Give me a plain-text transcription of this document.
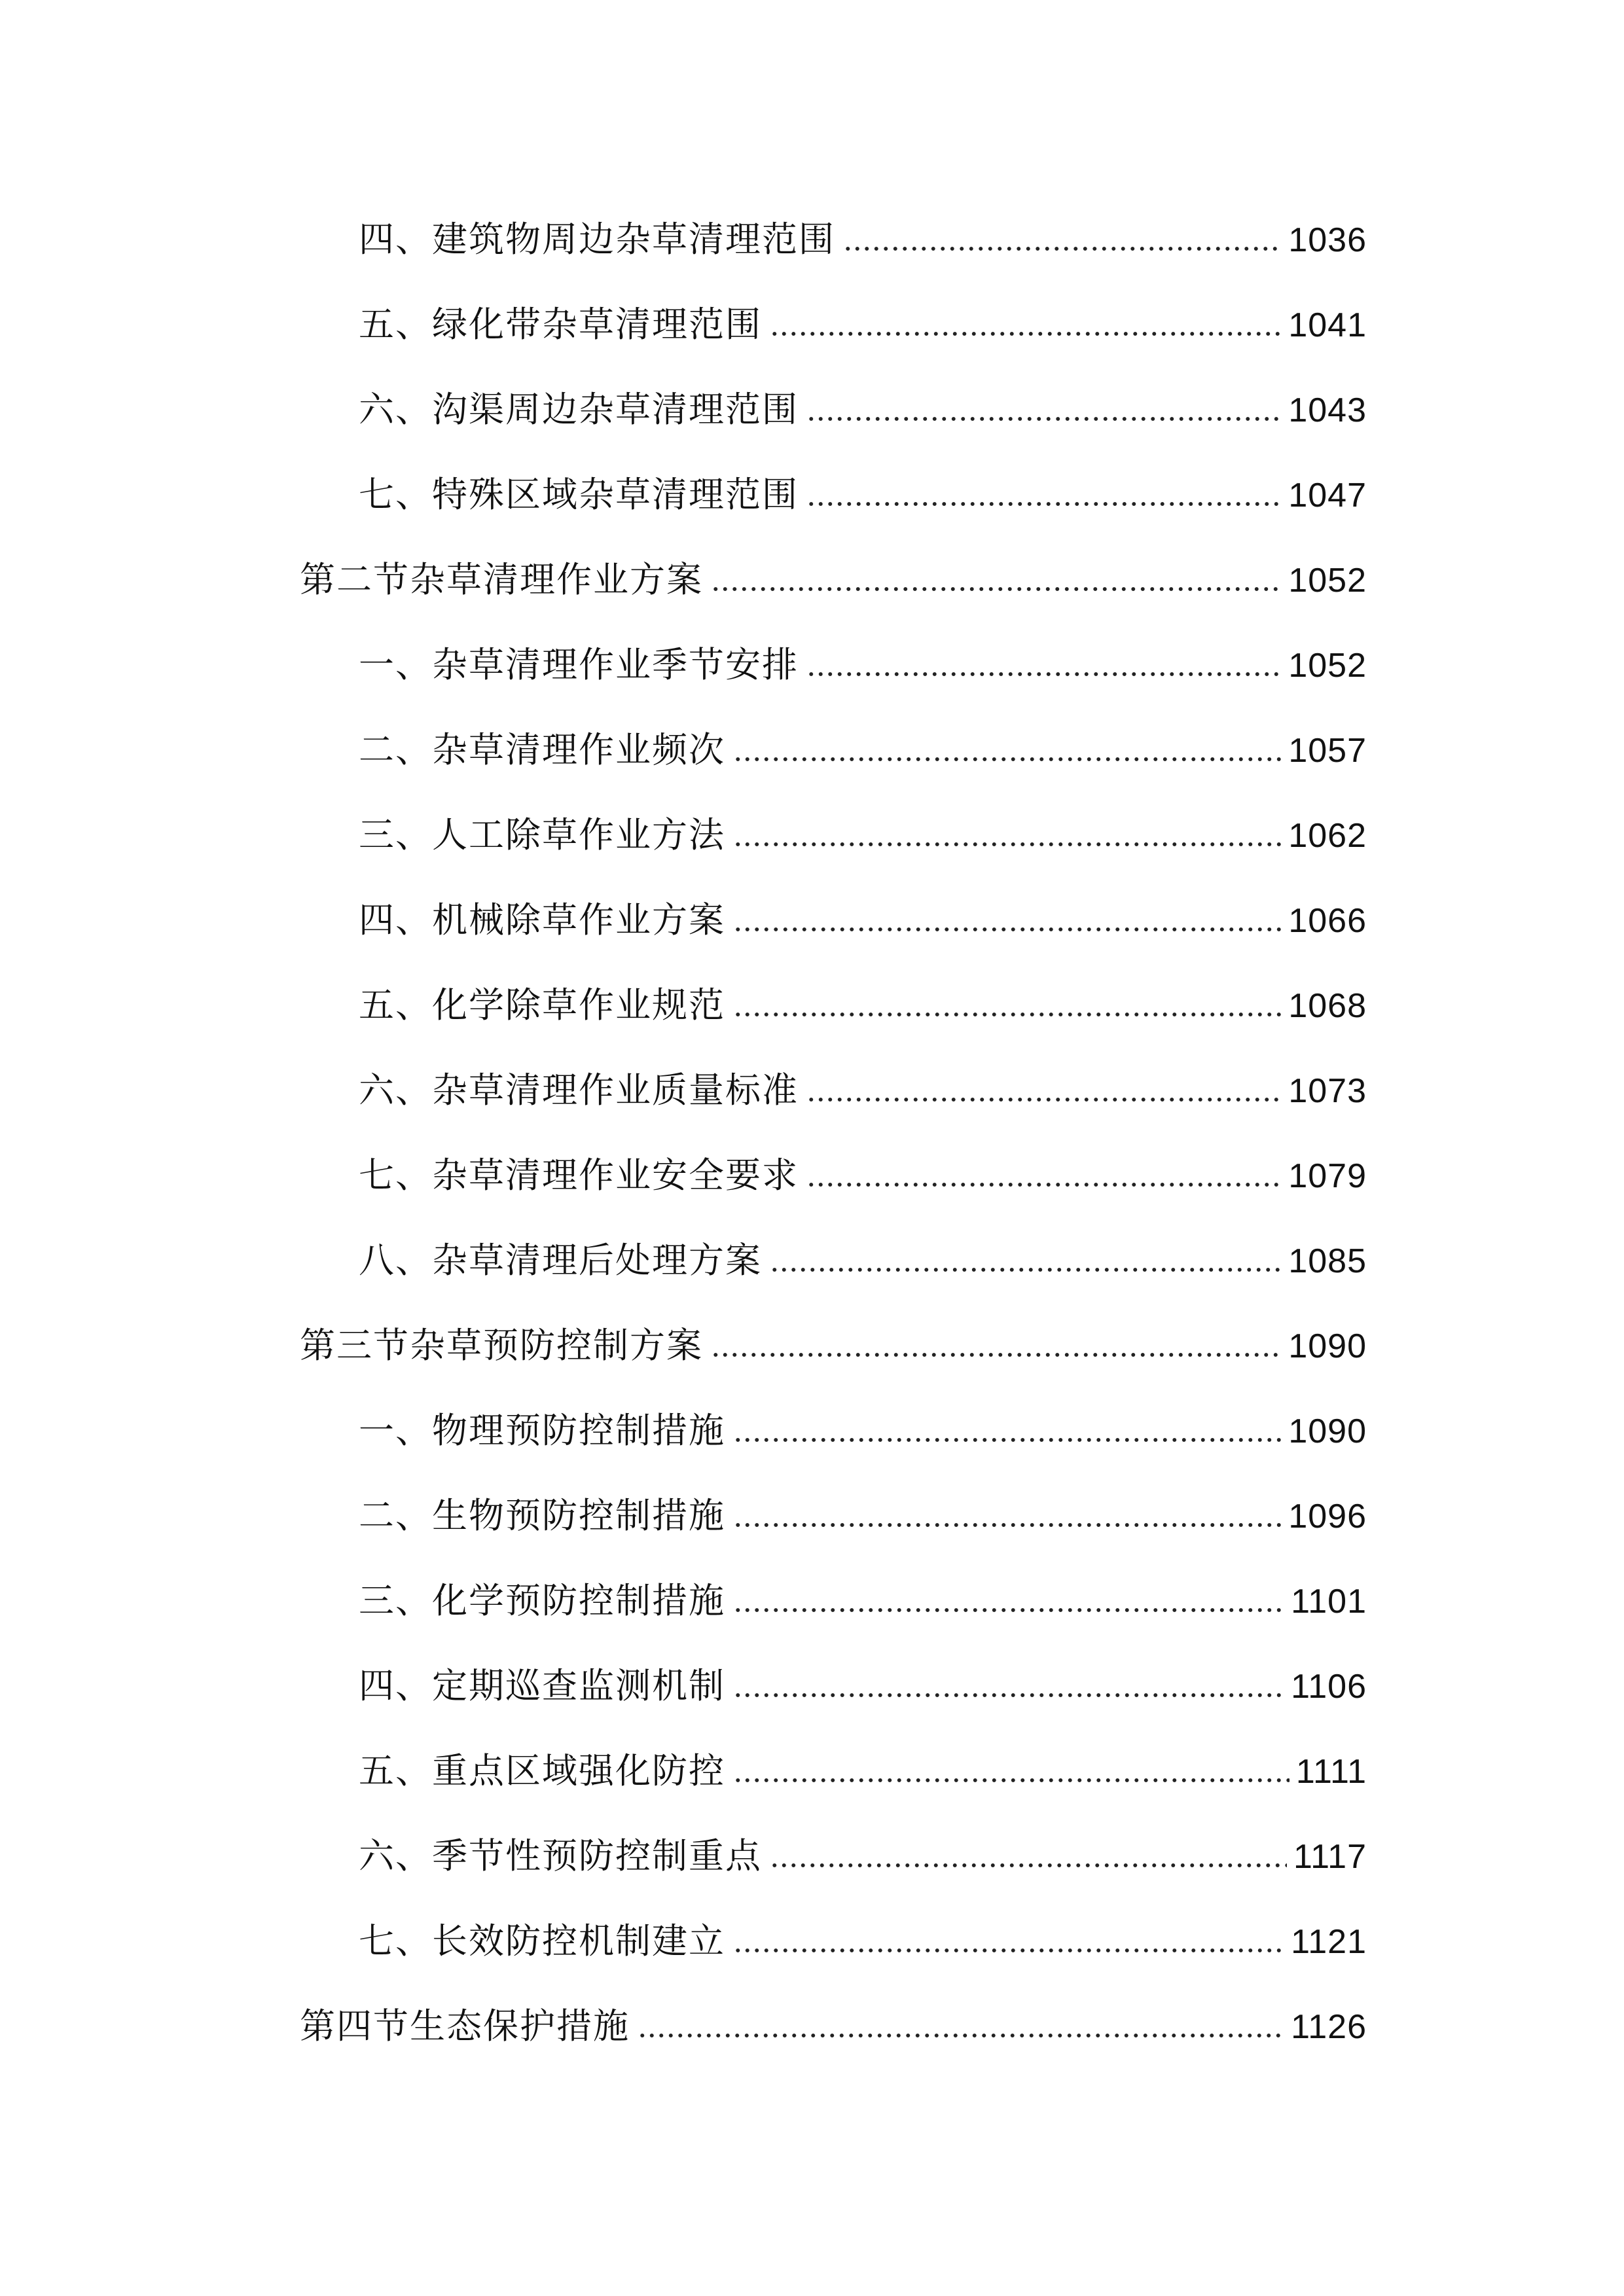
四、建筑物周边杂草清理范围	1036
五、绿化带杂草清理范围	1041
六、沟渠周边杂草清理范围	1043
七、特殊区域杂草清理范围	1047
第二节杂草清理作业方案	1052
一、杂草清理作业季节安排	1052
二、杂草清理作业频次	1057
三、人工除草作业方法	1062
四、机械除草作业方案	1066
五、化学除草作业规范	1068
六、杂草清理作业质量标准	1073
七、杂草清理作业安全要求	1079
八、杂草清理后处理方案	1085
第三节杂草预防控制方案	1090
一、物理预防控制措施	1090
二、生物预防控制措施	1096
三、化学预防控制措施	1101
四、定期巡查监测机制	1106
五、重点区域强化防控	1111
六、季节性预防控制重点	1117
七、长效防控机制建立	1121
第四节生态保护措施	1126
